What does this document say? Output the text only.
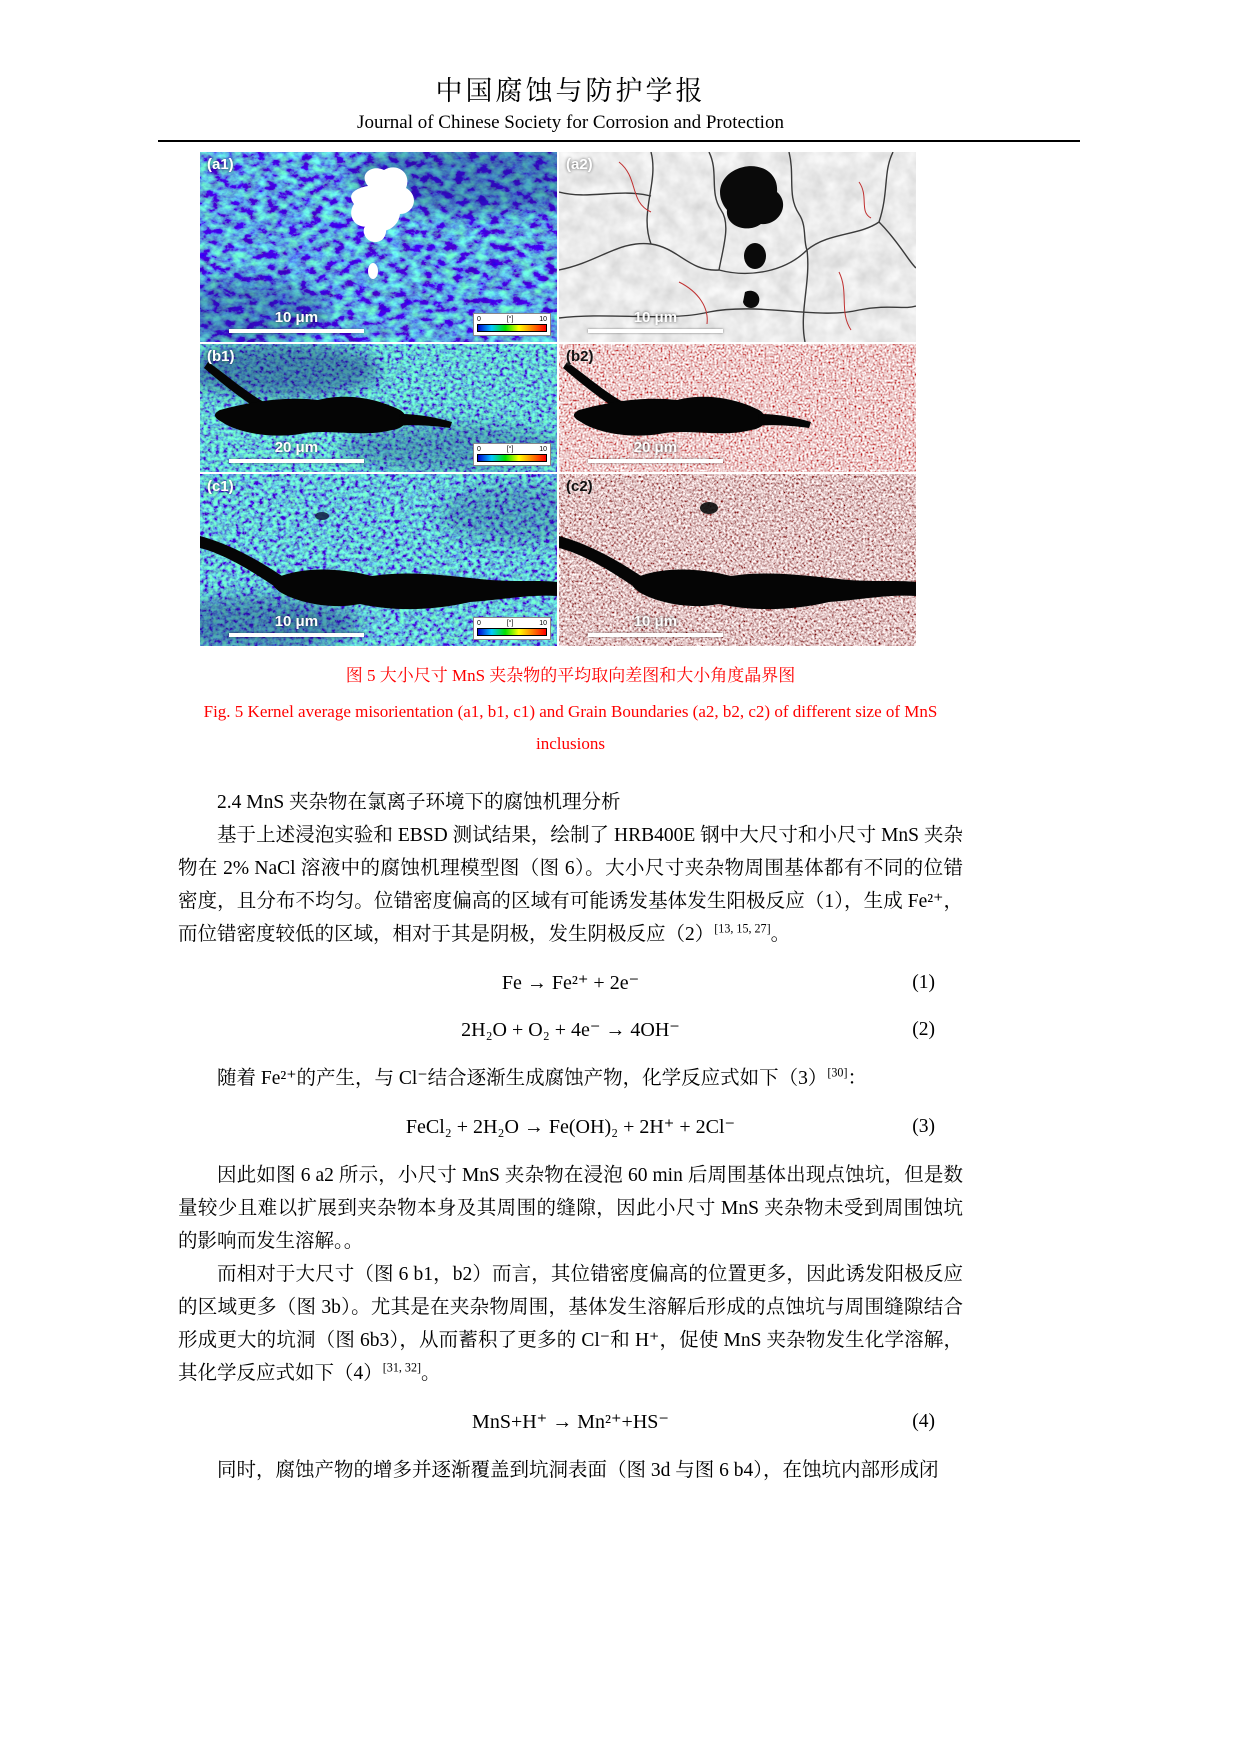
中国腐蚀与防护学报
Journal of Chinese Society for Corrosion and Protection
(a1)
10 μm	0	[°]	10
(a2)
10 μm
(b1)
20 μm	0	[°]	10
(b2)
20 μm
(c1)
10 μm	0	[°]	10
(c2)
10 μm
图 5 大小尺寸 MnS 夹杂物的平均取向差图和大小角度晶界图
Fig. 5 Kernel average misorientation (a1, b1, c1) and Grain Boundaries (a2, b2, c2) of different size of MnS
inclusions
2.4 MnS 夹杂物在氯离子环境下的腐蚀机理分析

基于上述浸泡实验和 EBSD 测试结果，绘制了 HRB400E 钢中大尺寸和小尺寸 MnS 夹杂物在 2% NaCl 溶液中的腐蚀机理模型图（图 6）。大小尺寸夹杂物周围基体都有不同的位错密度，且分布不均匀。位错密度偏高的区域有可能诱发基体发生阳极反应（1），生成 Fe²⁺，而位错密度较低的区域，相对于其是阴极，发生阴极反应（2）[13, 15, 27]。

Fe → Fe²⁺ + 2e⁻	(1)
2H₂O + O₂ + 4e⁻ → 4OH⁻	(2)

随着 Fe²⁺的产生，与 Cl⁻结合逐渐生成腐蚀产物，化学反应式如下（3）[30]：

FeCl₂ + 2H₂O → Fe(OH)₂ + 2H⁺ + 2Cl⁻	(3)

因此如图 6 a2 所示，小尺寸 MnS 夹杂物在浸泡 60 min 后周围基体出现点蚀坑，但是数量较少且难以扩展到夹杂物本身及其周围的缝隙，因此小尺寸 MnS 夹杂物未受到周围蚀坑的影响而发生溶解。。

而相对于大尺寸（图 6 b1，b2）而言，其位错密度偏高的位置更多，因此诱发阳极反应的区域更多（图 3b）。尤其是在夹杂物周围，基体发生溶解后形成的点蚀坑与周围缝隙结合形成更大的坑洞（图 6b3），从而蓄积了更多的 Cl⁻和 H⁺，促使 MnS 夹杂物发生化学溶解，其化学反应式如下（4）[31, 32]。

MnS+H⁺ → Mn²⁺+HS⁻	(4)

同时，腐蚀产物的增多并逐渐覆盖到坑洞表面（图 3d 与图 6 b4），在蚀坑内部形成闭
